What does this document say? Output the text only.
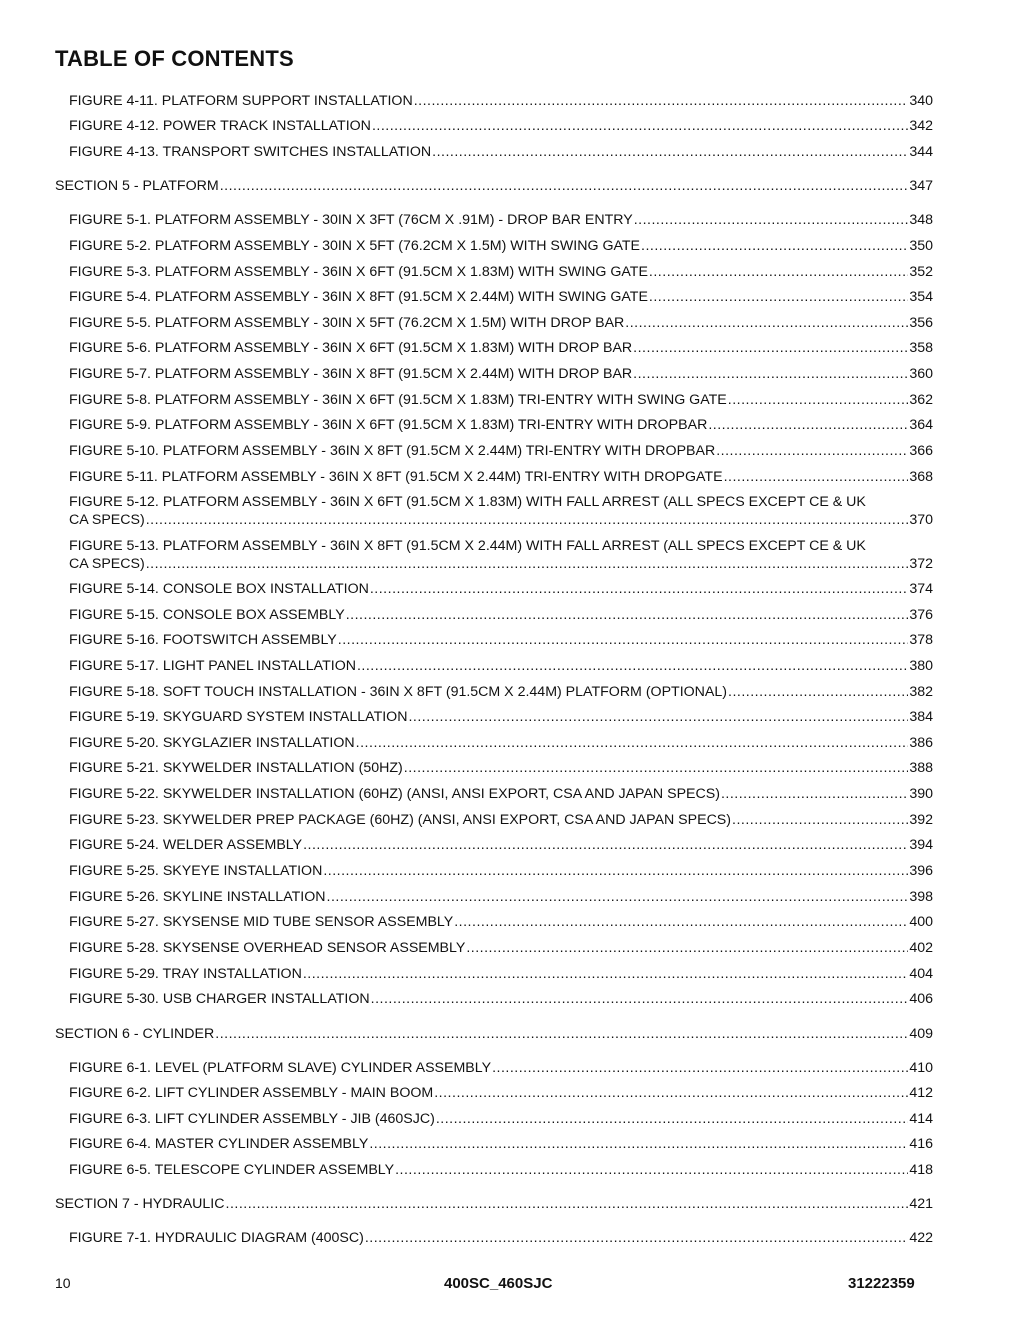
TABLE OF CONTENTS
FIGURE 4-11. PLATFORM SUPPORT INSTALLATION .....	340
FIGURE 4-12. POWER TRACK INSTALLATION .....	342
FIGURE 4-13. TRANSPORT SWITCHES INSTALLATION .....	344
SECTION 5 - PLATFORM .....	347
FIGURE 5-1. PLATFORM ASSEMBLY - 30IN X 3FT (76CM X .91M) - DROP BAR ENTRY .....	348
FIGURE 5-2. PLATFORM ASSEMBLY - 30IN X 5FT (76.2CM X 1.5M) WITH SWING GATE .....	350
FIGURE 5-3. PLATFORM ASSEMBLY - 36IN X 6FT (91.5CM X 1.83M) WITH SWING GATE .....	352
FIGURE 5-4. PLATFORM ASSEMBLY - 36IN X 8FT (91.5CM X 2.44M) WITH SWING GATE .....	354
FIGURE 5-5. PLATFORM ASSEMBLY - 30IN X 5FT (76.2CM X 1.5M) WITH DROP BAR .....	356
FIGURE 5-6. PLATFORM ASSEMBLY - 36IN X 6FT (91.5CM X 1.83M) WITH DROP BAR .....	358
FIGURE 5-7. PLATFORM ASSEMBLY - 36IN X 8FT (91.5CM X 2.44M) WITH DROP BAR .....	360
FIGURE 5-8. PLATFORM ASSEMBLY - 36IN X 6FT (91.5CM X 1.83M) TRI-ENTRY WITH SWING GATE .....	362
FIGURE 5-9. PLATFORM ASSEMBLY - 36IN X 6FT (91.5CM X 1.83M) TRI-ENTRY WITH DROPBAR .....	364
FIGURE 5-10. PLATFORM ASSEMBLY - 36IN X 8FT (91.5CM X 2.44M) TRI-ENTRY WITH DROPBAR .....	366
FIGURE 5-11. PLATFORM ASSEMBLY - 36IN X 8FT (91.5CM X 2.44M) TRI-ENTRY WITH DROPGATE .....	368
FIGURE 5-12. PLATFORM ASSEMBLY - 36IN X 6FT (91.5CM X 1.83M) WITH FALL ARREST (ALL SPECS EXCEPT CE & UK
CA SPECS) .....	370
FIGURE 5-13. PLATFORM ASSEMBLY - 36IN X 8FT (91.5CM X 2.44M) WITH FALL ARREST (ALL SPECS EXCEPT CE & UK
CA SPECS) .....	372
FIGURE 5-14. CONSOLE BOX INSTALLATION .....	374
FIGURE 5-15. CONSOLE BOX ASSEMBLY .....	376
FIGURE 5-16. FOOTSWITCH ASSEMBLY .....	378
FIGURE 5-17. LIGHT PANEL INSTALLATION .....	380
FIGURE 5-18. SOFT TOUCH INSTALLATION - 36IN X 8FT (91.5CM X 2.44M) PLATFORM (OPTIONAL) .....	382
FIGURE 5-19. SKYGUARD SYSTEM INSTALLATION .....	384
FIGURE 5-20. SKYGLAZIER INSTALLATION .....	386
FIGURE 5-21. SKYWELDER INSTALLATION (50HZ) .....	388
FIGURE 5-22. SKYWELDER INSTALLATION (60HZ) (ANSI, ANSI EXPORT, CSA AND JAPAN SPECS) .....	390
FIGURE 5-23. SKYWELDER PREP PACKAGE (60HZ) (ANSI, ANSI EXPORT, CSA AND JAPAN SPECS) .....	392
FIGURE 5-24. WELDER ASSEMBLY .....	394
FIGURE 5-25. SKYEYE INSTALLATION .....	396
FIGURE 5-26. SKYLINE INSTALLATION .....	398
FIGURE 5-27. SKYSENSE MID TUBE SENSOR ASSEMBLY .....	400
FIGURE 5-28. SKYSENSE OVERHEAD SENSOR ASSEMBLY .....	402
FIGURE 5-29. TRAY INSTALLATION .....	404
FIGURE 5-30. USB CHARGER INSTALLATION .....	406
SECTION 6 - CYLINDER .....	409
FIGURE 6-1. LEVEL (PLATFORM SLAVE) CYLINDER ASSEMBLY .....	410
FIGURE 6-2. LIFT CYLINDER ASSEMBLY - MAIN BOOM .....	412
FIGURE 6-3. LIFT CYLINDER ASSEMBLY - JIB (460SJC) .....	414
FIGURE 6-4. MASTER CYLINDER ASSEMBLY .....	416
FIGURE 6-5. TELESCOPE CYLINDER ASSEMBLY .....	418
SECTION 7 - HYDRAULIC .....	421
FIGURE 7-1. HYDRAULIC DIAGRAM (400SC) .....	422
10	400SC_460SJC	31222359
